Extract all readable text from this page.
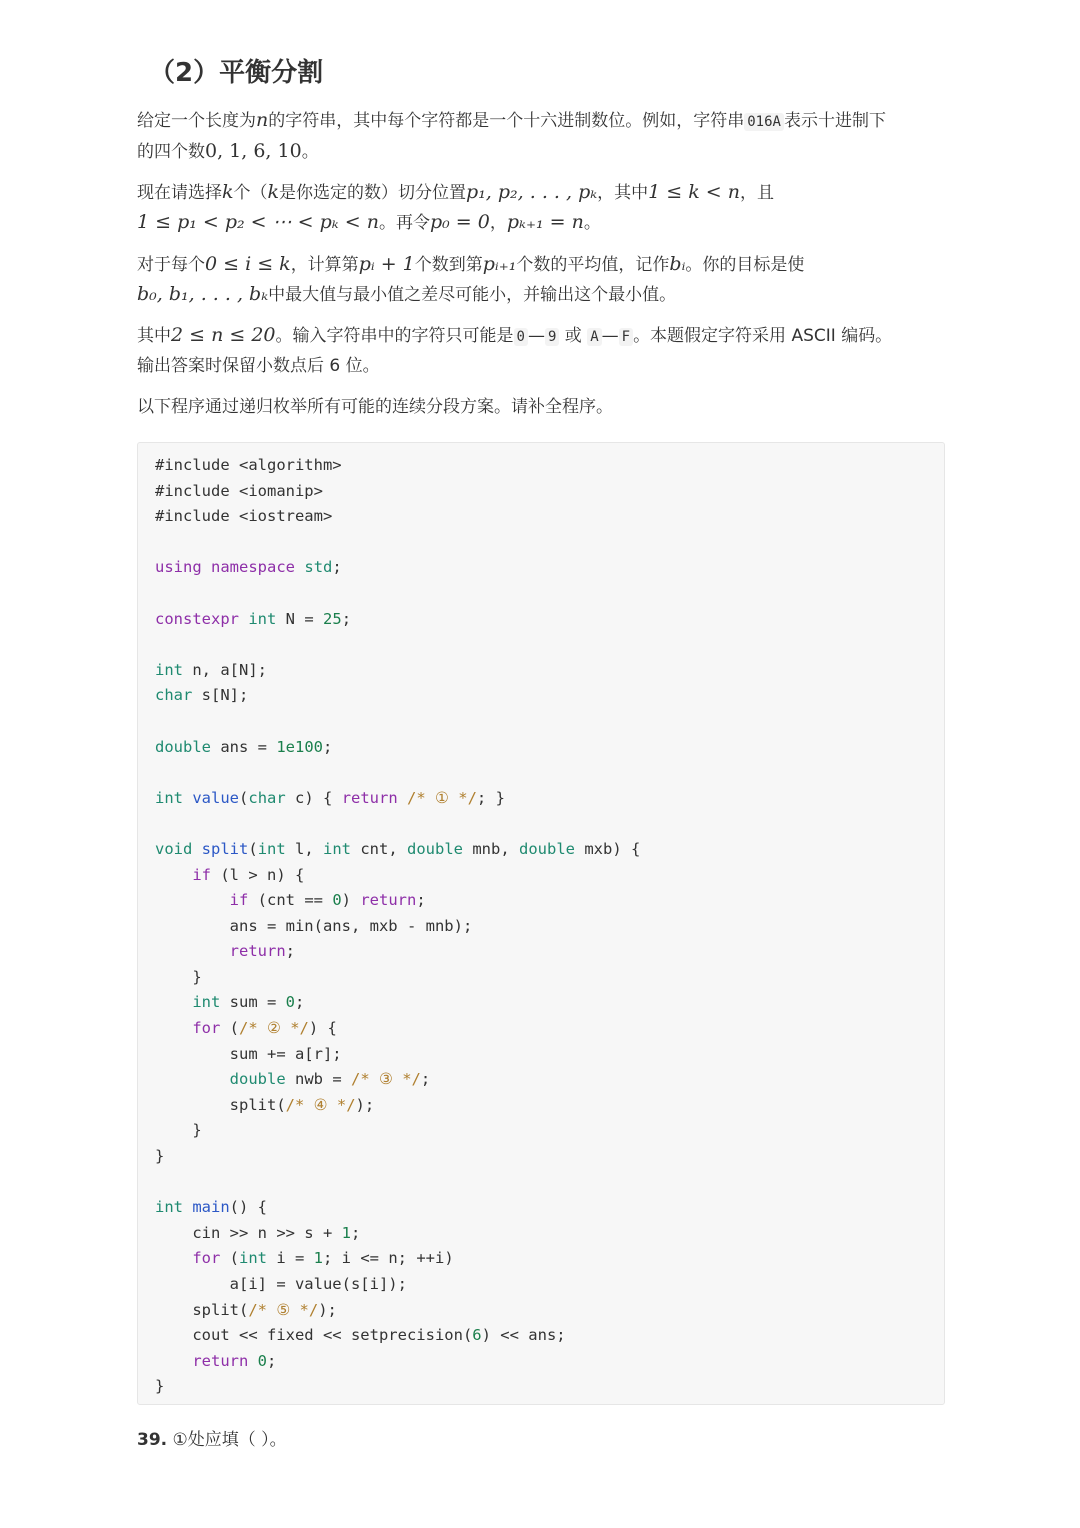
（2）平衡分割

给定一个长度为n的字符串，其中每个字符都是一个十六进制数位。例如，字符串 016A 表示十进制下
的四个数0, 1, 6, 10。

现在请选择k个（k是你选定的数）切分位置p₁, p₂, . . . , pₖ，其中1 ≤ k < n，且
1 ≤ p₁ < p₂ < ⋯ < pₖ < n。再令p₀ = 0，pₖ₊₁ = n。

对于每个0 ≤ i ≤ k，计算第pᵢ + 1个数到第pᵢ₊₁个数的平均值，记作bᵢ。你的目标是使
b₀, b₁, . . . , bₖ中最大值与最小值之差尽可能小，并输出这个最小值。

其中2 ≤ n ≤ 20。输入字符串中的字符只可能是 0 — 9 或 A — F 。本题假定字符采用 ASCII 编码。
输出答案时保留小数点后 6 位。

以下程序通过递归枚举所有可能的连续分段方案。请补全程序。

#include <algorithm>
#include <iomanip>
#include <iostream>

using namespace std;

constexpr int N = 25;

int n, a[N];
char s[N];

double ans = 1e100;

int value(char c) { return /* ① */; }

void split(int l, int cnt, double mnb, double mxb) {
if (l > n) {
if (cnt == 0) return;
ans = min(ans, mxb - mnb);
return;
}
int sum = 0;
for (/* ② */) {
sum += a[r];
double nwb = /* ③ */;
split(/* ④ */);
}
}

int main() {
cin >> n >> s + 1;
for (int i = 1; i <= n; ++i)
a[i] = value(s[i]);
split(/* ⑤ */);
cout << fixed << setprecision(6) << ans;
return 0;
}
39. ①处应填（ ）。
